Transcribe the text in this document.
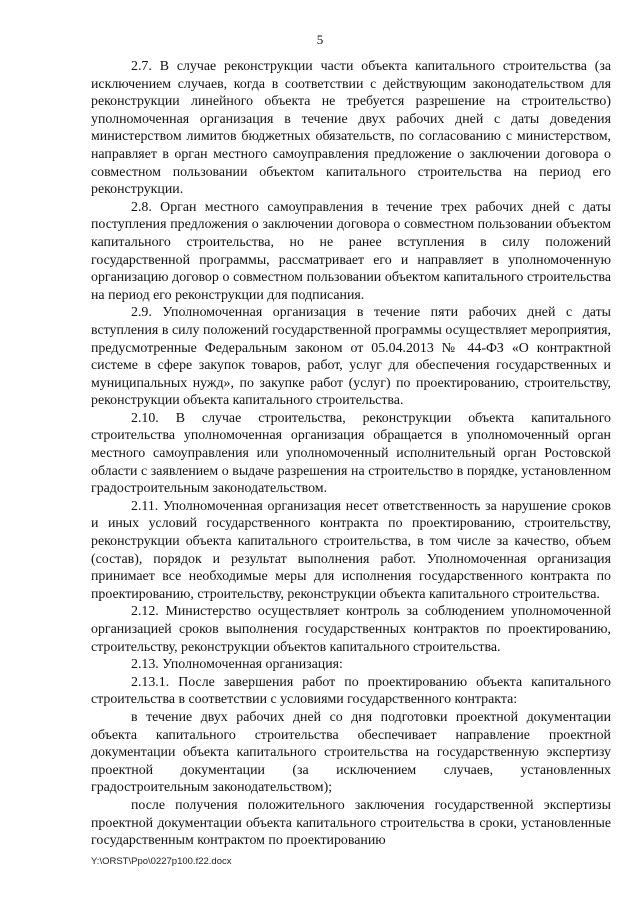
5

2.7. В случае реконструкции части объекта капитального строительства (за исключением случаев, когда в соответствии с действующим законодательством для реконструкции линейного объекта не требуется разрешение на строительство) уполномоченная организация в течение двух рабочих дней с даты доведения министерством лимитов бюджетных обязательств, по согласованию с министерством, направляет в орган местного самоуправления предложение о заключении договора о совместном пользовании объектом капитального строительства на период его реконструкции.

2.8. Орган местного самоуправления в течение трех рабочих дней с даты поступления предложения о заключении договора о совместном пользовании объектом капитального строительства, но не ранее вступления в силу положений государственной программы, рассматривает его и направляет в уполномоченную организацию договор о совместном пользовании объектом капитального строительства на период его реконструкции для подписания.

2.9. Уполномоченная организация в течение пяти рабочих дней с даты вступления в силу положений государственной программы осуществляет мероприятия, предусмотренные Федеральным законом от 05.04.2013 № 44-ФЗ «О контрактной системе в сфере закупок товаров, работ, услуг для обеспечения государственных и муниципальных нужд», по закупке работ (услуг) по проектированию, строительству, реконструкции объекта капитального строительства.

2.10. В случае строительства, реконструкции объекта капитального строительства уполномоченная организация обращается в уполномоченный орган местного самоуправления или уполномоченный исполнительный орган Ростовской области с заявлением о выдаче разрешения на строительство в порядке, установленном градостроительным законодательством.

2.11. Уполномоченная организация несет ответственность за нарушение сроков и иных условий государственного контракта по проектированию, строительству, реконструкции объекта капитального строительства, в том числе за качество, объем (состав), порядок и результат выполнения работ. Уполномоченная организация принимает все необходимые меры для исполнения государственного контракта по проектированию, строительству, реконструкции объекта капитального строительства.

2.12. Министерство осуществляет контроль за соблюдением уполномоченной организацией сроков выполнения государственных контрактов по проектированию, строительству, реконструкции объектов капитального строительства.

2.13. Уполномоченная организация:

2.13.1. После завершения работ по проектированию объекта капитального строительства в соответствии с условиями государственного контракта:

в течение двух рабочих дней со дня подготовки проектной документации объекта капитального строительства обеспечивает направление проектной документации объекта капитального строительства на государственную экспертизу проектной документации (за исключением случаев, установленных градостроительным законодательством);

после получения положительного заключения государственной экспертизы проектной документации объекта капитального строительства в сроки, установленные государственным контрактом по проектированию

Y:\ORST\Ppo\0227p100.f22.docx
